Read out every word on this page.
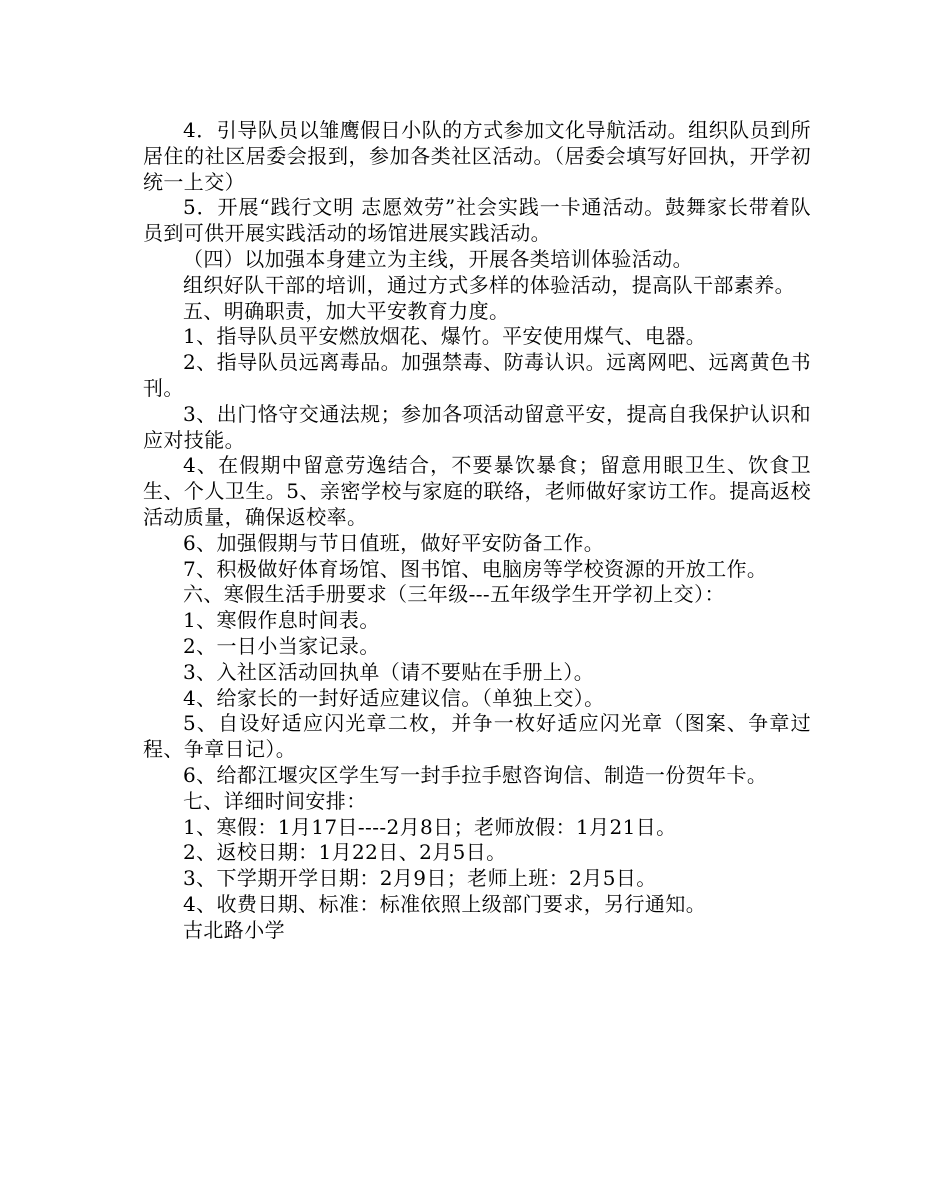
4．引导队员以雏鹰假日小队的方式参加文化导航活动。组织队员到所居住的社区居委会报到，参加各类社区活动。（居委会填写好回执，开学初统一上交）

5．开展“践行文明 志愿效劳”社会实践一卡通活动。鼓舞家长带着队员到可供开展实践活动的场馆进展实践活动。

（四）以加强本身建立为主线，开展各类培训体验活动。

组织好队干部的培训，通过方式多样的体验活动，提高队干部素养。

五、明确职责，加大平安教育力度。

1、指导队员平安燃放烟花、爆竹。平安使用煤气、电器。

2、指导队员远离毒品。加强禁毒、防毒认识。远离网吧、远离黄色书刊。

3、出门恪守交通法规；参加各项活动留意平安，提高自我保护认识和应对技能。

4、在假期中留意劳逸结合，不要暴饮暴食；留意用眼卫生、饮食卫生、个人卫生。5、亲密学校与家庭的联络，老师做好家访工作。提高返校活动质量，确保返校率。

6、加强假期与节日值班，做好平安防备工作。

7、积极做好体育场馆、图书馆、电脑房等学校资源的开放工作。

六、寒假生活手册要求（三年级---五年级学生开学初上交）：

1、寒假作息时间表。

2、一日小当家记录。

3、入社区活动回执单（请不要贴在手册上）。

4、给家长的一封好适应建议信。（单独上交）。

5、自设好适应闪光章二枚，并争一枚好适应闪光章（图案、争章过程、争章日记）。

6、给都江堰灾区学生写一封手拉手慰咨询信、制造一份贺年卡。

七、详细时间安排：

1、寒假：1月17日----2月8日；老师放假：1月21日。

2、返校日期：1月22日、2月5日。

3、下学期开学日期：2月9日；老师上班：2月5日。

4、收费日期、标准：标准依照上级部门要求，另行通知。

古北路小学
